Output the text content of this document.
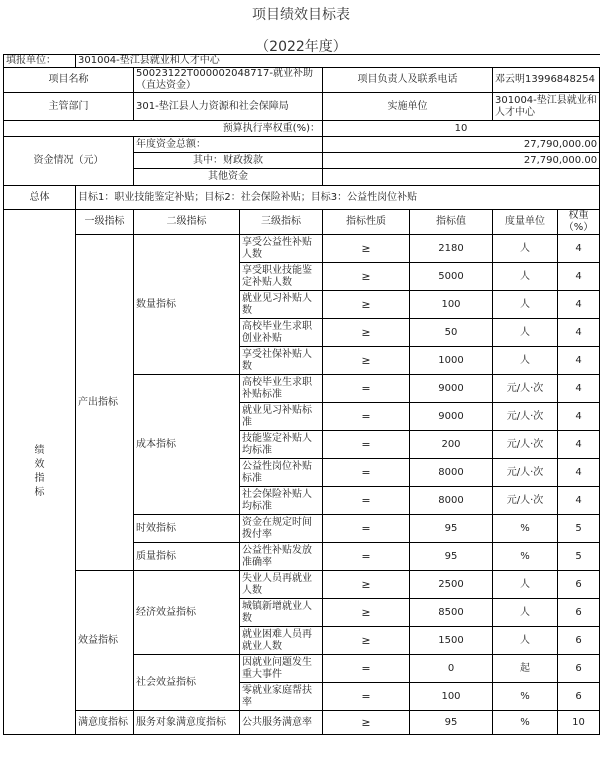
项目绩效目标表
（2022年度）
填报单位：	301004-垫江县就业和人才中心						
项目名称		50023122T000002048717-就业补助（直达资金）		项目负责人及联系电话		邓云明13996848254	
主管部门		301-垫江县人力资源和社会保障局		实施单位		301004-垫江县就业和人才中心	
预算执行率权重(%)：				10			
资金情况（元）		年度资金总额：		27,790,000.00			
		其中：财政拨款		27,790,000.00			
		其他资金					
总体	目标1：职业技能鉴定补贴；目标2：社会保险补贴；目标3：公益性岗位补贴						
绩
效
指
标	一级指标	二级指标	三级指标	指标性质	指标值	度量单位	权重（%）
	产出指标	数量指标	享受公益性补贴人数	≥	2180	人	4
			享受职业技能鉴定补贴人数	≥	5000	人	4
			就业见习补贴人数	≥	100	人	4
			高校毕业生求职创业补贴	≥	50	人	4
			享受社保补贴人数	≥	1000	人	4
		成本指标	高校毕业生求职补贴标准	=	9000	元/人·次	4
			就业见习补贴标准	=	9000	元/人·次	4
			技能鉴定补贴人均标准	=	200	元/人·次	4
			公益性岗位补贴标准	=	8000	元/人·次	4
			社会保险补贴人均标准	=	8000	元/人·次	4
		时效指标	资金在规定时间拨付率	=	95	%	5
		质量指标	公益性补贴发放准确率	=	95	%	5
	效益指标	经济效益指标	失业人员再就业人数	≥	2500	人	6
			城镇新增就业人数	≥	8500	人	6
			就业困难人员再就业人数	≥	1500	人	6
		社会效益指标	因就业问题发生重大事件	=	0	起	6
			零就业家庭帮扶率	=	100	%	6
	满意度指标	服务对象满意度指标	公共服务满意率	≥	95	%	10
